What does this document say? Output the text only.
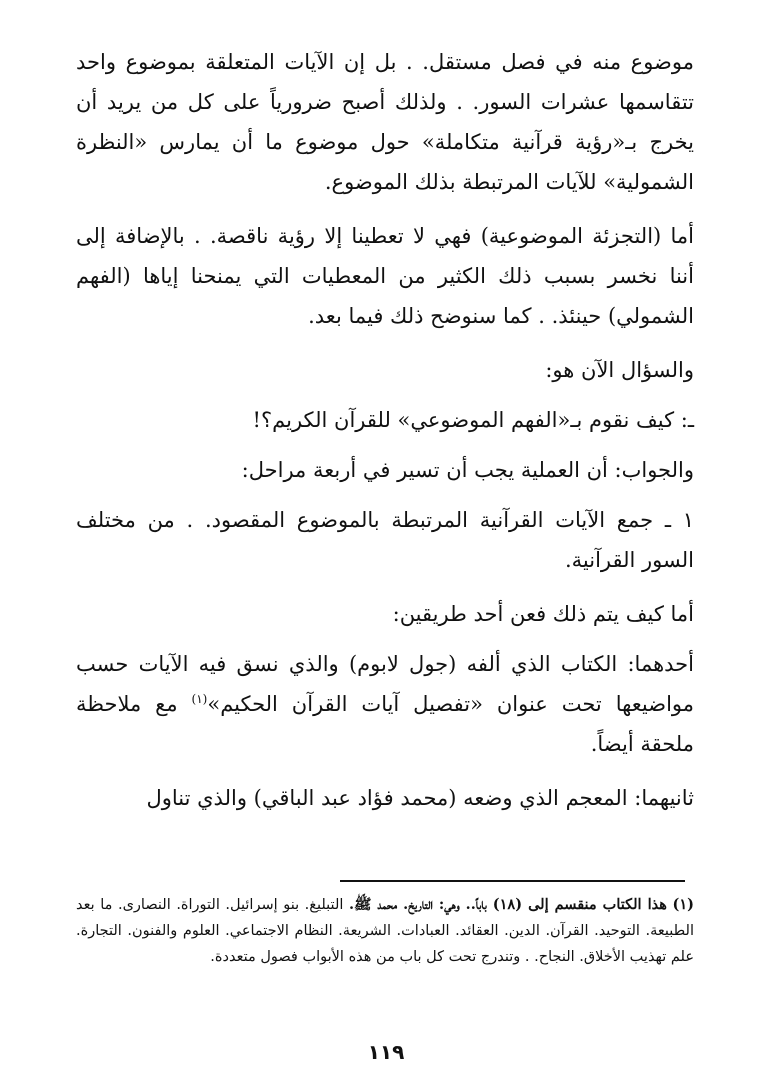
موضوع منه في فصل مستقل. . بل إن الآيات المتعلقة بموضوع واحد تتقاسمها عشرات السور. . ولذلك أصبح ضرورياً على كل من يريد أن يخرج بـ«رؤية قرآنية متكاملة» حول موضوع ما أن يمارس «النظرة الشمولية» للآيات المرتبطة بذلك الموضوع.

أما (التجزئة الموضوعية) فهي لا تعطينا إلا رؤية ناقصة. . بالإضافة إلى أننا نخسر بسبب ذلك الكثير من المعطيات التي يمنحنا إياها (الفهم الشمولي) حينئذ. . كما سنوضح ذلك فيما بعد.

والسؤال الآن هو:

ـ: كيف نقوم بـ«الفهم الموضوعي» للقرآن الكريم؟!

والجواب: أن العملية يجب أن تسير في أربعة مراحل:

١ ـ جمع الآيات القرآنية المرتبطة بالموضوع المقصود. . من مختلف السور القرآنية.

أما كيف يتم ذلك فعن أحد طريقين:

أحدهما: الكتاب الذي ألفه (جول لابوم) والذي نسق فيه الآيات حسب مواضيعها تحت عنوان «تفصيل آيات القرآن الحكيم»$^{(١)}$ مع ملاحظة ملحقة أيضاً.

ثانيهما: المعجم الذي وضعه (محمد فؤاد عبد الباقي) والذي تناول

(١) هذا الكتاب منقسم إلى (١٨) باباً.. وهي: التاريخ. محمد ﷺ. التبليغ. بنو إسرائيل. التوراة. النصارى. ما بعد الطبيعة. التوحيد. القرآن. الدين. العقائد. العبادات. الشريعة. النظام الاجتماعي. العلوم والفنون. التجارة. علم تهذيب الأخلاق. النجاح. . وتندرج تحت كل باب من هذه الأبواب فصول متعددة.

١١٩
